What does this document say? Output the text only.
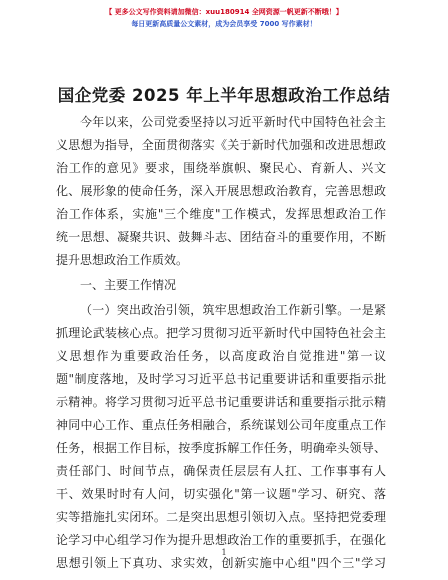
【 更多公文写作资料请加微信：xuu180914 全网资源一帆更新不断哦！】
每日更新高质量公文素材，成为会员享受 7000 写作素材！
国企党委 2025 年上半年思想政治工作总结
今年以来，公司党委坚持以习近平新时代中国特色社会主
义思想为指导，全面贯彻落实《关于新时代加强和改进思想政
治工作的意见》要求，围绕举旗帜、聚民心、育新人、兴文
化、展形象的使命任务，深入开展思想政治教育，完善思想政
治工作体系，实施"三个维度"工作模式，发挥思想政治工作
统一思想、凝聚共识、鼓舞斗志、团结奋斗的重要作用，不断
提升思想政治工作质效。
一、主要工作情况
（一）突出政治引领，筑牢思想政治工作新引擎。一是紧
抓理论武装核心点。把学习贯彻习近平新时代中国特色社会主
义思想作为重要政治任务，以高度政治自觉推进"第一议
题"制度落地，及时学习习近平总书记重要讲话和重要指示批
示精神。将学习贯彻习近平总书记重要讲话和重要指示批示精
神同中心工作、重点任务相融合，系统谋划公司年度重点工作
任务，根据工作目标，按季度拆解工作任务，明确牵头领导、
责任部门、时间节点，确保责任层层有人扛、工作事事有人
干、效果时时有人问，切实强化"第一议题"学习、研究、落
实等措施扎实闭环。二是突出思想引领切入点。坚持把党委理
论学习中心组学习作为提升思想政治工作的重要抓手，在强化
思想引领上下真功、求实效，创新实施中心组"四个三"学习
1
